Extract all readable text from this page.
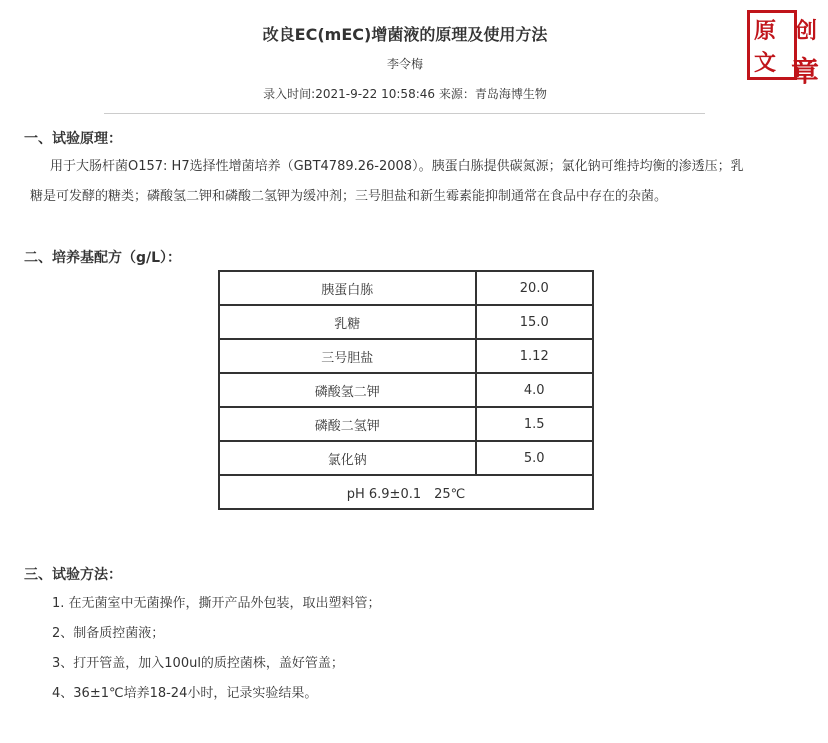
改良EC(mEC)增菌液的原理及使用方法
李令梅
录入时间:2021-9-22 10:58:46 来源：青岛海博生物
原 创
文 章
一、试验原理：
用于大肠杆菌O157: H7选择性增菌培养（GBT4789.26-2008）。胰蛋白胨提供碳氮源；氯化钠可维持均衡的渗透压；乳
糖是可发酵的糖类；磷酸氢二钾和磷酸二氢钾为缓冲剂；三号胆盐和新生霉素能抑制通常在食品中存在的杂菌。
二、培养基配方（g/L）：
胰蛋白胨	20.0
乳糖	15.0
三号胆盐	1.12
磷酸氢二钾	4.0
磷酸二氢钾	1.5
氯化钠	5.0
pH 6.9±0.1　25℃	
三、试验方法：
1. 在无菌室中无菌操作，撕开产品外包装，取出塑料管；
2、制备质控菌液；
3、打开管盖，加入100ul的质控菌株，盖好管盖；
4、36±1℃培养18-24小时，记录实验结果。
